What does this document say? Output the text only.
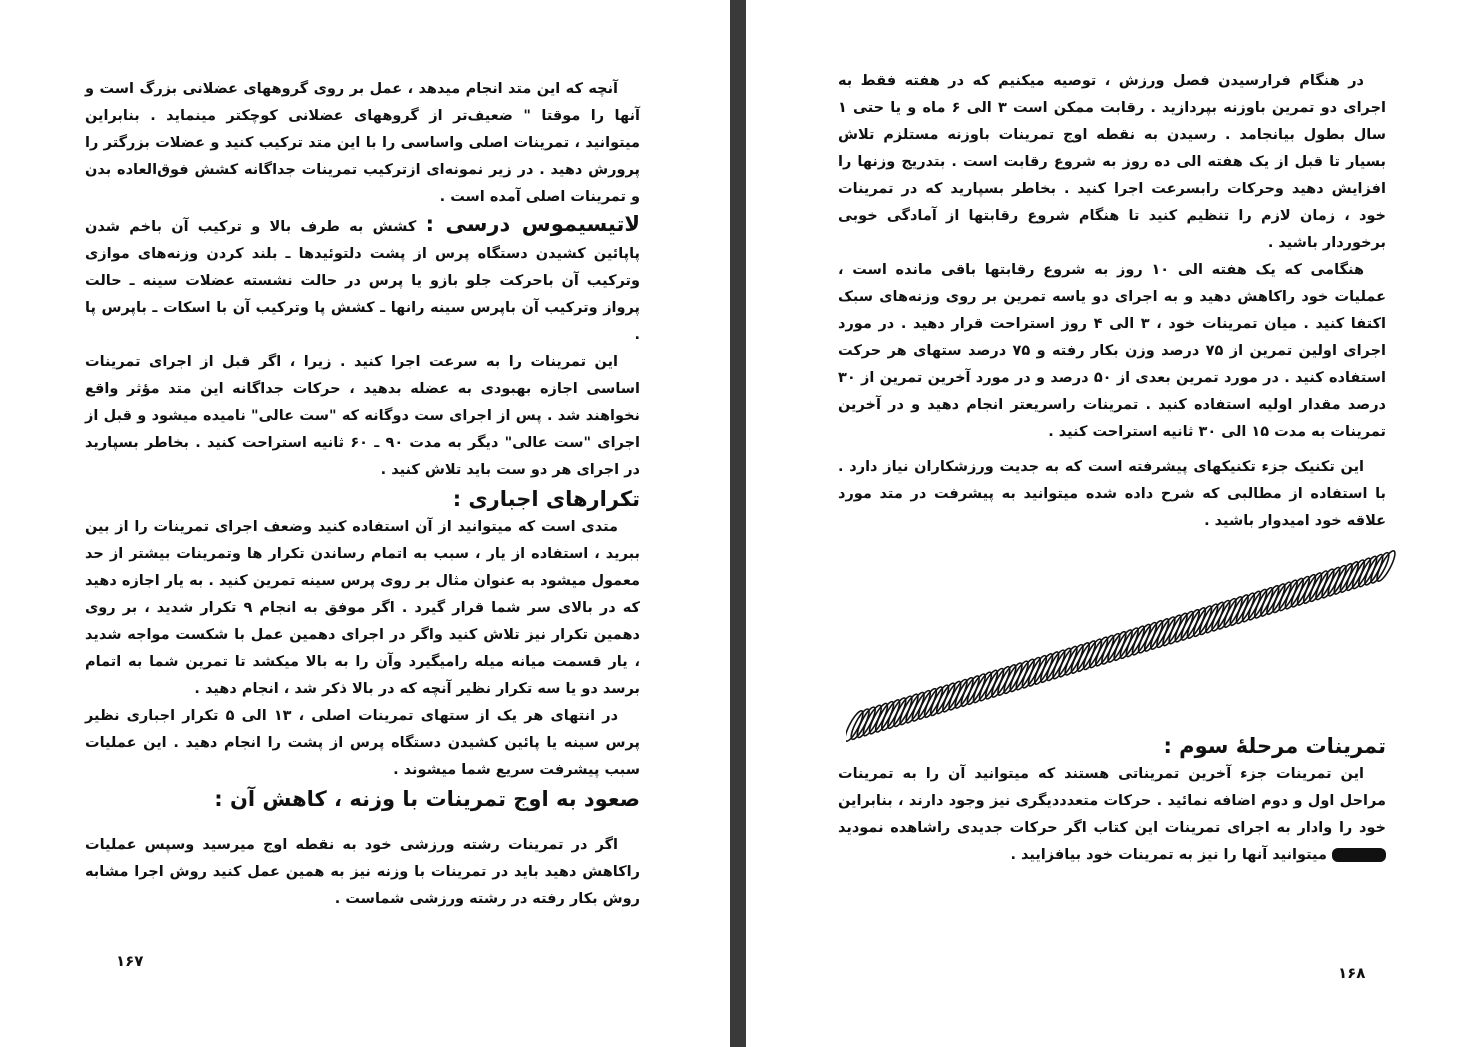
آنچه که این متد انجام میدهد ، عمل بر روی گروههای عضلانی بزرگ است و آنها را موقتا " ضعیف‌تر از گروههای عضلانی کوچکتر مینماید . بنابراین میتوانید ، تمرینات اصلی واساسی را با این متد ترکیب کنید و عضلات بزرگتر را پرورش دهید . در زیر نمونه‌ای ازترکیب تمرینات جداگانه کشش فوق‌العاده بدن و تمرینات اصلی آمده است .

لاتیسیموس درسی : کشش به طرف بالا و ترکیب آن باخم شدن پاپائین کشیدن دستگاه پرس از پشت دلتوئیدها ـ بلند کردن وزنه‌های موازی وترکیب آن باحرکت جلو بازو یا پرس در حالت نشسته عضلات سینه ـ حالت پرواز وترکیب آن باپرس سینه رانها ـ کشش پا وترکیب آن با اسکات ـ باپرس پا .

این تمرینات را به سرعت اجرا کنید . زیرا ، اگر قبل از اجرای تمرینات اساسی اجازه بهبودی به عضله بدهید ، حرکات جداگانه این متد مؤثر واقع نخواهند شد . پس از اجرای ست دوگانه که "ست عالی" نامیده میشود و قبل از اجرای "ست عالی" دیگر به مدت ۹۰ ـ ۶۰ ثانیه استراحت کنید . بخاطر بسپارید در اجرای هر دو ست باید تلاش کنید .

تکرارهای اجباری :

متدی است که میتوانید از آن استفاده کنید وضعف اجرای تمرینات را از بین ببرید ، استفاده از یار ، سبب به اتمام رساندن تکرار ها وتمرینات بیشتر از حد معمول میشود به عنوان مثال بر روی پرس سینه تمرین کنید . به یار اجازه دهید که در بالای سر شما قرار گیرد . اگر موفق به انجام ۹ تکرار شدید ، بر روی دهمین تکرار نیز تلاش کنید واگر در اجرای دهمین عمل با شکست مواجه شدید ، یار قسمت میانه میله رامیگیرد وآن را به بالا میکشد تا تمرین شما به اتمام برسد دو یا سه تکرار نظیر آنچه که در بالا ذکر شد ، انجام دهید .

در انتهای هر یک از ستهای تمرینات اصلی ، ۱۳ الی ۵ تکرار اجباری نظیر پرس سینه یا پائین کشیدن دستگاه پرس از پشت را انجام دهید . این عملیات سبب پیشرفت سریع شما میشوند .

صعود به اوج تمرینات با وزنه ، کاهش آن :

اگر در تمرینات رشته ورزشی خود به نقطه اوج میرسید وسپس عملیات راکاهش دهید باید در تمرینات با وزنه نیز به همین عمل کنید روش اجرا مشابه روش بکار رفته در رشته ورزشی شماست .

۱۶۷

در هنگام فرارسیدن فصل ورزش ، توصیه میکنیم که در هفته فقط به اجرای دو تمرین باوزنه بپردازید . رقابت ممکن است ۳ الی ۶ ماه و یا حتی ۱ سال بطول بیانجامد . رسیدن به نقطه اوج تمرینات باوزنه مستلزم تلاش بسیار تا قبل از یک هفته الی ده روز به شروع رقابت است . بتدریج وزنها را افزایش دهید وحرکات رابسرعت اجرا کنید . بخاطر بسپارید که در تمرینات خود ، زمان لازم را تنظیم کنید تا هنگام شروع رقابتها از آمادگی خوبی برخوردار باشید .

هنگامی که یک هفته الی ۱۰ روز به شروع رقابتها باقی مانده است ، عملیات خود راکاهش دهید و به اجرای دو یاسه تمرین بر روی وزنه‌های سبک اکتفا کنید . میان تمرینات خود ، ۳ الی ۴ روز استراحت قرار دهید . در مورد اجرای اولین تمرین از ۷۵ درصد وزن بکار رفته و ۷۵ درصد ستهای هر حرکت استفاده کنید . در مورد تمرین بعدی از ۵۰ درصد و در مورد آخرین تمرین از ۳۰ درصد مقدار اولیه استفاده کنید . تمرینات راسریعتر انجام دهید و در آخرین تمرینات به مدت ۱۵ الی ۳۰ ثانیه استراحت کنید .

این تکنیک جزء تکنیکهای پیشرفته است که به جدیت ورزشکاران نیاز دارد . با استفاده از مطالبی که شرح داده شده میتوانید به پیشرفت در متد مورد علاقه خود امیدوار باشید .

تمرینات مرحلهٔ سوم :

این تمرینات جزء آخرین تمریناتی هستند که میتوانید آن را به تمرینات مراحل اول و دوم اضافه نمائید . حرکات متعدددیگری نیز وجود دارند ، بنابراین خود را وادار به اجرای تمرینات این کتاب اگر حرکات جدیدی راشاهده نمودید  میتوانید آنها را نیز به تمرینات خود بیافزایید .

۱۶۸
